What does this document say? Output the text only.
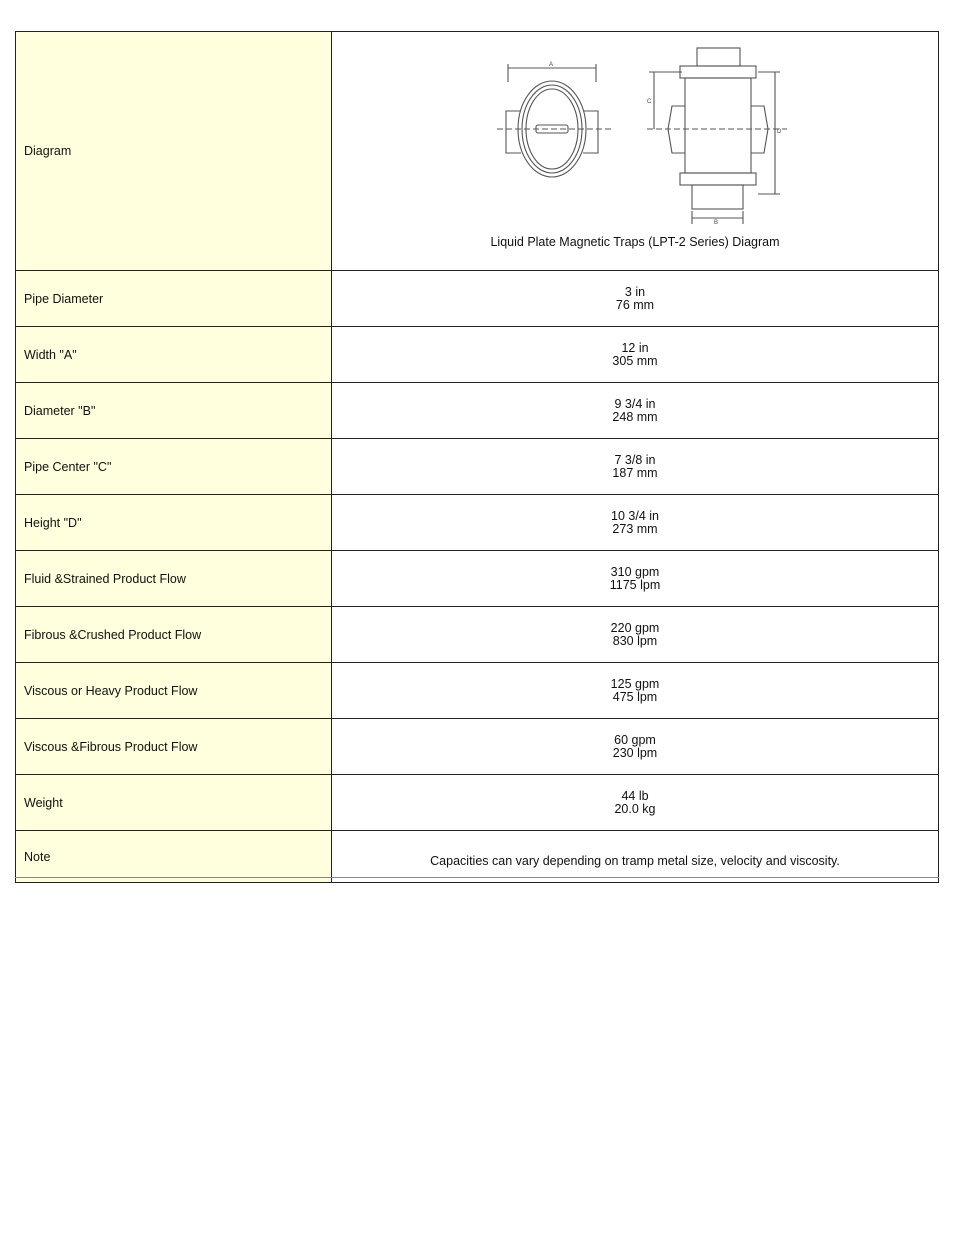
Diagram	A
C
D
B
Liquid Plate Magnetic Traps (LPT-2 Series) Diagram

Pipe Diameter	3 in
76 mm

Width "A"	12 in
305 mm

Diameter "B"	9 3/4 in
248 mm

Pipe Center "C"	7 3/8 in
187 mm

Height "D"	10 3/4 in
273 mm

Fluid &Strained Product Flow	310 gpm
1175 lpm

Fibrous &Crushed Product Flow	220 gpm
830 lpm

Viscous or Heavy Product Flow	125 gpm
475 lpm

Viscous &Fibrous Product Flow	60 gpm
230 lpm

Weight	44 lb
20.0 kg

Note	Capacities can vary depending on tramp metal size, velocity and viscosity.
